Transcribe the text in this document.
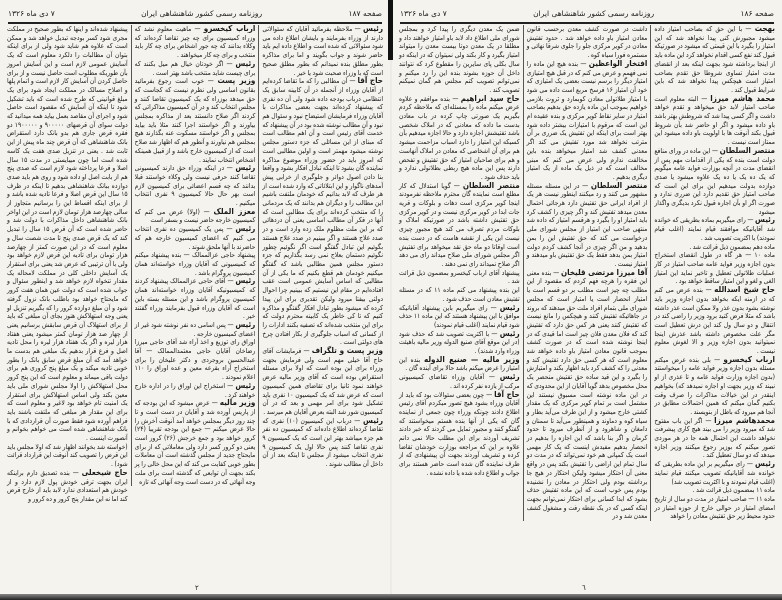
صفحه ۱۸۷
روزنامه رسمی کشور شاهنشاهی ایران
۷ دی ماه ۱۳۲۶

رئیس — ملاحظه بفرمائید آقایان که سئوالاتی دارند از وزراء بفرمایند و بایشان اطلاع داده می شود سئوالاتی که شده است و اطلاع داده ایم باید حاضر شوند و جواب بگویند و اما برای مذاکره بطور مطلق بنده نمیدانم که بطور مطلق صحیح است که با وزراء صحبت شود یا خیر .

حاج آقا — آن مطالبی را که ما تقاضا کرده‌ایم از آقایان وزراء از آنجمله در آن کابینه سابق یک انتظامی درباب بودجه داده شود ولی آن ده نفری که پیشنهاد کرده‌اند بجهت بعضی مذاکرات با آقایان وزراء فرمایشان استیضاح نبود و سئوال هم نبود و آن مطالب نوشته شده بود در آن پیشنهاد که خدمت آقای رئیس است و آن اهم مطالب است که مبنای از این مسائلی که جزء دستور مجلس نوشته میشود مهمتر است و اولین مطالبی است که امروز باید در حضور وزراء موضوع مذاکره نماینده گان بشود تا اینکه تبادل افکار بشود و واقعا بنا دادن اصول دوائر و جلوگیری از خرابی پیش آمدهای ناگوار و این ابتلائاتی که وارد شده است از هر طرف که لابد بدانیم که خودمان ملتفت باشیم این مطالب را و دیگران هم بدانند که یک مردمانی را که منتخب کرده‌اند برای یک مطالبی است که آنها در فکر آن مطالب اساسی یعنی آن دردهائی که بر این ملت مظلوم ملک زده وارد است و در صدد علاج هستند و اگر ببینیم در صدد علاج هستند بگوئیم این تبادل گفتگو است اگر نگوئیم چطور نگوئیم دستمان بعلاج نمی رسد بگذاریم که جزء دستور مجلس همین مطالبی باشد که گفتگو میکنیم خودمان هم قطع بکنیم که ما یکی از آن مطالبی که اساس آسایش عمومی است عقب افتاده‌ایم در مقام این نیستیم که ببینیم چرا احوال دولتی بیفتا میرود ولیکن تقدیری برای این پیدا کرده که میشود بطور تبادل افکار گفتگو و مذاکره کنیم که تا کی خاطر یک کابینه محترم دولت که برای این منتخب شده‌اند که تصفیه بکنند ادارات را از کسانی که اسباب جلوگیری از بکار افتادن چرخ های دولتی است .

وزیر پست و تلگراف — فرمایشات آقای حاج آقا خیلی مهم است ولی فرمایش بجهت وزراء برای این بوده است که اولا برای مسئله استقراض بوده است که آقای وزیر مالیه عرض خواهند نمود ثانیا برای تقاضای همین کمیسیون است که عرض شد که یک کمیسیون ۱۰ نفری باید تشکیل شود برای امر مهمی و بعد که در آن کمیسیون شور شد البته بعرض آقایان هم میرسد .

رئیس — درباب این کمیسیون (۱۰) نفری که تقاضا کرده‌اند اطلاع داده‌اند که کمیسیون ده نفر هم جزء میباشد بهتر این است که یک کمیسیون ۹ نفری تقاضا کنند پس حالا اول یک کمیسیون ۹ نفری انتخاب میشود از مجلس تا اینکه بعد از آن داخل آن مطالب شوند .

ارباب کیخسرو — ماهیت معلوم نشد که وزراء کمیسیون برای چه چیز تقاضا کرده‌اند که وکلاء بدانند که چه جور اشخاص برای چه کار باید منتخب و برای چه کار میخواهند .

رئیس — اگر خودتان خیال هم میل بکنند که برای چیست شاید منتخب باشد بهتر است .

وزیر پست — خوب است رجوع بفرمائید بقانون اساسی ولی نظرم نیست که کجاست که حق میدهد بوزراء که یک کمیسیون تقاضا کنند و مجلس انتخاب کند و در آن کمیسیون مذاکراتی که کردند اگر صلاح دانستند بعد از مذاکره بمجلس بیاورند و اگر خواستند اجرا کنند مثلا باید بیاید بمجلس و اگر خواستند مسکوت عنه بگذارند هیچ بمجلس هم نیاورند و آنطور هم که اظهار شد صلاح است که از کمیسیون خارج باشد و از قبیل همینکه اشخاص انتخاب نمایند .

رئیس — در اینکه وزراء حق دارند کمیسیونی تقاضا کنند حرفی نیست ولی وکلاء خواستند قبلا بدانند که چه قسم اعضائی برای کمیسیون لازم است بهر حال حالا کمیسیون ۹ نفری انتخاب میکنیم .

معزز الملک — (اولا) عرض می کنم که کمیسیون خارجه حاضر نیست و بسفر است

رئیس — پس یک کمیسیون ده نفری انتخاب می کنیم که اعضای کمیسیون خارجه هم که حاضرند با آنها ملحق شوند .

پیشنهاد حاجی عزالممالک — بنده پیشنهاد میکنم که کمیسیونی که آقایان وزراء خواسته‌اند همان کمیسیون پروگرام باشد .

رئیس — آقای حاجی عزالممالک پیشنهاد کردند که کمیسیونیکه آقایان وزراء خواسته‌اند همان کمیسیون پروگرام باشد و این مسئله بسته باین است که آقایان وزراء قبول بفرمایند وزراء گفتند خیر .

رئیس — پس اسامی ده نفر نوشته شود غیر از اعضای کمیسیون خارجه .

اوراق رای توزیع و اخذ آراء شد آقای حاجی میرزا رضاخان آقایان حاجی معتمدالممالک — آقا عبدالحسین بروجردی و دکتر علیخان را برای استخراج آراء بقرعه معین و عده اوراق را ۱۱۰ اعلام نمودند .

رئیس — استخراج این اوراق را در اداره خارج خواهند کرد .

وزیر مالیه — عرض میشود که این بودجه که از پاریس آورده شد و آقایان در دست است و تا چند روز دیگر بمجلس خواهد آمد آنوقت آخرش را حالا عرض میکنم — جمع این بودجه تقریبا (۲۴) کرور خواهد بود و جمع خرجش (۲۶) کرور است یعنی دو کرور کسر دارد ولی معاملاتی که از برای مایحتاج جدید از مجلس گذشته است آن معاملات بطور خوبی کفایت می کند که این محل خالی را پر بکند بجهت آن توابعی که گذشته است برای ملت وجه آنهائی که در دست است وجه آنهائی که تازه

پیشنهاد شده‌اند و اینها که بطور صحیح در مملکت مجری شود کسر بودجه تبدیل خواهد شد و ممکن است که علاوه هم شاید شود ولی از برای اینکه بتوان آن مطالبات را دلکرد معلوم است که یک آسایش عمومی لازم است و این آسایش امروز بآن طوریکه مطلوب است حاصل نیست و از برای حاصل کردن آن آسایش کار لازم است و اتمام پلها و اصلاح مسالک در مملکت ایجاد شود برای یک مبلغ قوانینی که طرح شده است که باید تشکیل شود تا اینکه آن آسایش که مقصود است حاصل شود و اجرای آن مقاصد بعمل بیاید همه میدانید که دولت سوای آن قرضهای ۹۰۰۰۰۰ و ۱۹۰۰۰۰۰ دو فقره قرض جاری هم بدو بانک دارد استقراض بانک شاهنشاهی که آن قرض چند ماه پیش از این ثابت شد . یعنی در تنزیل صدی هفت یک کاسه شده است اما چون میبایستی در مدت ۱۵ سال اصلا و فرعا پرداخته شود لازم است که صدی پنج هم از بابت اصل او داده شود و روی هم باید صدی دوازده ببانک شاهنشاهی بدهیم تا اینکه در ظرف ۱۵ سال این قرض اصلا و فرعا تادیه شده باشد و از برای اینکه اقساط این را برسانیم متجاوز از سالی چهارصد هزار تومان لازم است در این اواخر بانک شاهنشاهی داخل مذاکرات با دولت شد و حاضر شده است که آن قرض ۱۵ سال را تبدیل کند که یک قرض صدی پنج تا مدت شصت سال و معلوم است که در این صورت کمتر از چهارصد هزار تومان برای تادیه این قرض لازم خواهد بود ولی با آن ترتیبی که عرض شد یعنی برای استقرار یک آسایش داخلی کلی در مملکت لامحاله یک مقدار تنخواه لازم خواهد شد و اینطور سئوال و جواب شده است که دولت عین همان هفت کرور که مایحتاج خواهد بود باطلب بانک نزول گرفته شود و آن مبلغ دوازده کرور را که بگیریم تنزیل او یعنی وجه استهلاکش هنوز بجای آن مبلغی که باید از برای استهلاک آن قرض سابقش برسانیم یعنی از چهار صد هزار تومان کمتر میشود یعنی هفتاد هزار لیره و اگر یک هفتاد هزار لیره را محل تادیه اصل و فرع قرار بدهیم یک مبلغی هم بدست ما خواهد آمد که آن مبلغ قرض سابق بانک را بطور خوبی تادیه میکند و یک مبلغ پنج کروری هم برای دولت باقی میماند و معلوم است که این پنج کرور محل استهلاکش را اولا مجلس شورای ملی باید معین بکند ولی اساس استهلاکش برای استقرار یک امنیت تام خواهد بود لاغیر و معلوم است که برای این مقدار هر مبلغی که ملتفت باشند باید فراهم آورده شود فقط صورت آن قراردادی که با بانک شاهنشاهی شده است می خواهم بخوانم و آنصورت اینست .

(خواسته شد بخوانند اظهار شد که اولا مجلس باید این قرض را تصویب کند آنوقت این قرارداد قرائت شود) .

حاج شیخعلی — بنده تصدیق دارم براینکه ایران بجهت ترقی خودش پول لازم دارد و از خودش هم استعدادی ندارد لابد باید از خارج قرض کند اما نه این مقدار پنج کرور و ده کرور و

۲
صفحه ۱۸۶
روزنامه رسمی کشور شاهنشاهی ایران
۷ دی ماه ۱۳۲۶

بهجت — با این حق که بصاحب امتیاز داده میشود مجبورش کنی پیدا نخواهد شد که این امتیاز را بگیرد با این قیمتی که میشود در صورتیکه قبول کند نفع کسی اقدام نخواهد کرد این ماده باید از اینجا برداشته شود بجهت اینکه بعد از انقضای مدت امتیاز تساوی شروطا حق تقدم بصاحب امتیاز است هیچکس پیدا نخواهد شد که باین شرایط قبول کند .

محمد هاشم میرزا — البته معلوم است صاحب امتیاز لابد حق میخواهد و تقدم خواهد داشت و اگر کسی پیدا شد که شروطش بهتر باشد باو داده میشود و اگر او حاضر شد بآن شروط قبول بکند آنوقت ها با اولویت باو داده میشود این ممتاز است نیست .

منتصر السلطان — این ماده در ورای منافع دولت است بنده که یکی از اقدامات مهم پس از انقضای مدت در آنچه بوزارت فواید عامه میگویم که یک ده یک یا ده یک علاوه میشود یا صدی دوازده بدولت میدهیم این برای این است که صاحب امتیاز حق تقدیم دارد این ضرری ندارد و صورت اگر او بآن اجاره قبول نکرد بدیگری واگذار میشود

رئیس — رای میگیریم بماده بطریقی که خوانده شد آقایانیکه موافقند قیام نمایند (اغلب قیام نمودند) با اکثریت تصویب شد .

ماده دهم بمضمون ذیل قرائت شد .

ماده ۱۰ — هر گاه در طول انقضای استخراج بدون اجازه وزیر فواید عامه صاحب امتیاز در کار عملیات طلاتولی تعطیل و تاخیر نماید این امتیاز الغی و لغو و این امتیاز ساقط خواهد بود .

حاج شیخ اسدالله — بنده عرض می کنم که در ازمنه ایکه بخواهد بدون اجازه وزیر باید نوشته بشود بدون عذر ولا ممکن است عذر داشته باشد که مثلا فرض کنید برود وزیر را راضی کند در انتقال و دو سال ول کند این درش تعطیل است مگر علت مخصوص داشته باشد عذرش اینجا نمیتوانید بدون اجازه وزیر و الا لغوش معلوم نیست .

ارباب کیخسرو — بلی بنده عرض میکنم مسئله بدون اجازه وزیر فواید عامه را میخواستند (بدون اجازه وزارت فواید عامه و تا عذری از او نبیند که وزیر بجهت او اجازه نمیدهد که) بخواهیم اینقدر در این خیالات مذاکرات را صرف وقت بکنیم گمان میکنم که همین احتمالات مطابق در آنجا هم میرود که باطل از بنویسند .

محمدهاشم میرزا — اگر این باب مفتوح شد که میرود وزیر را می بیند هیچ کاری پیشرفت نخواهد داشت این احتمال همه جا در هر موردی تصور میکنم که بوزیر رجوع میکنند وزیر اجازه میدهد که دو سال تعطیل کند .

رئیس — رای میگیریم بر این ماده بطریقی که خوانده شد آقایانیکه تصویب میکنند قیام نمایند (اغلب قیام نمودند و با اکثریت تصویب شد)

ماده ۱۱ بمضمون ذیل قرائت شد .

ماده ۱۱ — صاحب امتیاز در مدت دو سال از تاریخ امضای امتیاز در حوالی خارج از حوزه امتیاز در حدود محیط زیر حق تفتیش معادن را خواهد

داشت در صورت کشف معدن برحسب قانون معادن امتیاز باو داده خواهد شد . حدود تفتیش معادن در کویر مرکزی جلو را جلوی شرقا نهائی و مستمره فورا سیاه کوه .

افتخار الواعظین — بنده هیچ این ماده را نمی فهمم و عرض می کنم که در قبل هیچ امتیازی امتیاز دیگر را برسم نیست بعضی یک امتیازی که خود آن امتیاز ۱۶ فرسخ مربع است داده می شود با امتیاز طلاتولی معادن کوبمارد و ثروت بلازمی خواهیم بموجب این ماده یازده حق بدهیم بصاحب امتیاز در سایر نقاط کویر مرکزی و بنده عقیده ام این است که مرقوم با امتیازات بیشتر داده شود بهتر است برای اینکه این تفتیش یک ضرری بر آن مترتب نخواهد شد مورد تفتیش می کند اگر معدنی کشف شد امتیاز میخواهد بنده باین مخالفت ندارم ولی عرض می کنم که مبنی مخالف است که در ذیل یک ماده از یک امتیاز دیگری بدهیم .

منتصر السلطان — در این مسئله مسئله مشهور می کنند و رد میکنند اینطور نیست هر یک از افراد ایرانی حق تفتیش دارد هرجائی احتمال معدن میدهد تفتیش کند و اگر چیزی را کشف کرد باید امتیاز او را بگیرد و هرقسم امتیاز که داده شد منتهی صاحب این امتیاز از مجلس شورای ملی درخواست می کند که حق تفتیش این را بمن بدهید و من اگر چیزی در آنجا کشف کردم دولت امتیاز بمن بدهد فقط یک حق تفتیش باو میدهند و امتیاز نیست .

آقا میرزا مرتضی قلیخان — بنده معنی این فقره را هرچه فهم کردم که مقصود از این مطلب چه چیز است مطلب بر دو قسم است یا امتیاز انحصار است یا امتیاز است که مجلس شورای ملی بتمام افراد ملت حق میدهند که بروند در جاهائیکه تفتیش کنند و هیچکس را مانع نیست که تفتیش کنند یعنی هر کس حق دارد که تفتیش کند که فلان معدن فلان چیز است اما قیدی که در اینجا نوشته شده است که در صورت کشف بموجب قانون معادن امتیاز باو داده خواهد شد معلوم است که هر کسی حق دارد تفتیش کند و معدنی را که کشف کرد باید اظهار بکند و امتیازش را بگیرد و این قید ساده حق تفتیش منحصر یک محل مخصوص بدهد گویا آقایان از این محدودی که در این ماده نوشته است مسبوق نیستند این مشتمل است بر تمام کویر مرکزی که یک مقدار کشتی خارج میشود و از این طرف می‌آید بطار و سیاه کوه و دماوند و همینطور می‌آید تا سمنان و دامغان و شاهرود و از آنطرف میرود تا حدود کرمان و اگر بنا باشد که این اجازه را بدهیم در انحصار بدهیم مفیدش اینست که یک کار مهمی است یک کمپانی هم خود نمی‌تواند که در مدت دو سال تمام این اراضی را تفتیش بکند پس در واقع معنی آن احتکار میشود ولیکن احتکار در هیچ جا برداشته بودم ولی احتکار در معادن را نشنیده بودم پس خوب است که این ماده تفتیش حذف بشود که ابدا کسانی برای احتکار نمی‌توانم بجهت اینکه کسی که در یک نقطه رفت و مشغول کشف معدن شد و در

ضمن یک معدن دیگری را پیدا کرد و بمجلس شورای ملی اطلاع داد لابد باو امتیاز خواهند داد و مطلقا در یک معدن دوتا بیست معدن را میتواند امتیاز بگیرد و کار بکند ولی نمیتوان که در اینکه دو سال بکلی پای سایرین را مقطوع کرد که نتوانند داخل آن حوزه بشوند بنده این را رد میکنم و نمی‌توانم تصویب کنم مجلس هم گمان نمیکنم تصویب کند .

حاج سید ابراهیم — بنده موافقم و علاوه عرض میکنم ماده را بمسئله‌ای که ملاحظه کردم بگیریم یک صورتی چاپ کرده در باب معادن بدست ما داده که معادنی که در املاک شخصی باشد تفتیشش اجازه دارد و حالا اجازه میدهیم بآن کسیکه این امتیاز را دارد اسباب مزاحمت میشود هم برای آن اشخاصی که معادن در املاک آنهاست و هم برای صاحبان امتیاز که حق تفتیش و تفحص دارند پس این ماده هیچ ربطی بطلاتولی ندارد و باید حذف شود .

منتصر السلطان — گویا استدلال که کار مطلع است نماینده گان محترم ملاحظه نفرمودند اینجا کویر مرکزی است دهات و بلوکات و قریه جات ابدا در کویر مرکزی نیست و در کویر مرکزی حق تفتیش داشته باشد در صورتیکه املاک و بلوکات مردم تصرف می کند هیچ مجبور چیزی نیست این یکی از نقشه هاست که در دست بنده است اوقاتا دو ماه حق نقد میخواهد برای تفتیش اگر مجلس شورای ملی صلاح میداند رای می دهد اگر صلاح نمیداند رای نمی دهند .

پیشنهاد آقای ارباب کیخسرو بمضمون ذیل قرائت شد .

این بنده پیشنهاد می کنم ماده ۱۱ که در مسئله تفتیش معادن است حذف شود .

رئیس — رای میگیریم باین پیشنهاد آقایانیکه موافق با این پیشنهاد هستند که این ماده ۱۱ حذف شود قیام نمایند (اغلب قیام نمودند)

رئیس — با اکثریت تصویب شد که حذف شود (در این موقع آقای صنیع الدوله وزیر مالیه باهیئت وزراء وارد شدند) .

وزیر مالیه — صنیع الدوله بنده این امتیاز را عرض میکنم باشد حالا برای آینده گان .

رئیس — آقایان وزراء تقاضای کمیسیونی مرکب از یازده نفر کرده اند .

حاج آقا — چون بعضی سئوالات بود که باید از آقایان وزراء بشود هیچ تصور میکردم آقای رئیس اطلاع دادند چونکه وزراء چون جمعی از نماینده گان که یکی از آنها بنده هستم میخواستند که گفتگو کنند و مجبور تمایل می کردند که خبر دادند تشریف آوردند برای این مطلب حالا نمی دانم علاوه بر این که مراجعه بوزارت خودشان تقاضا کرده و تشریف آوردند بجهت آن پیشنهادی که از طرف نماینده گان شده است حاضر هستند برای جواب و اطلاع داده شده یا داده نشده .

٦
